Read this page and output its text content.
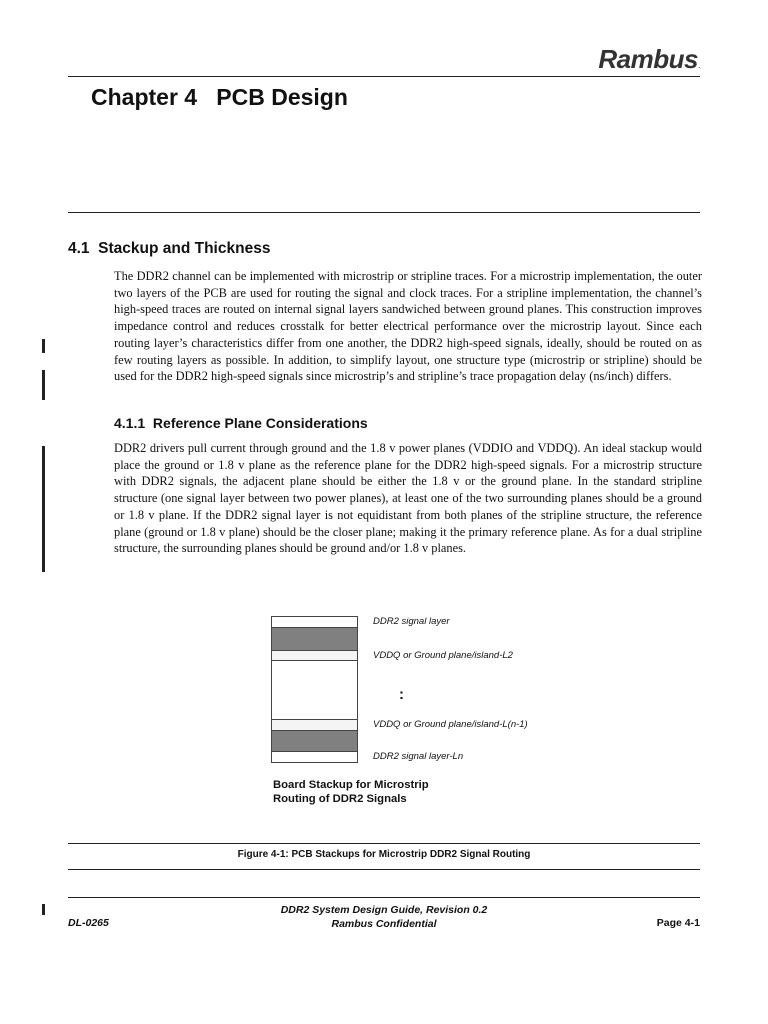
Rambus.
Chapter 4   PCB Design
4.1  Stackup and Thickness

The DDR2 channel can be implemented with microstrip or stripline traces. For a microstrip implementation, the outer two layers of the PCB are used for routing the signal and clock traces. For a stripline implementation, the channel’s high-speed traces are routed on internal signal layers sandwiched between ground planes. This construction improves impedance control and reduces crosstalk for better electrical performance over the microstrip layout. Since each routing layer’s characteristics differ from one another, the DDR2 high-speed signals, ideally, should be routed on as few routing layers as possible. In addition, to simplify layout, one structure type (microstrip or stripline) should be used for the DDR2 high-speed signals since microstrip’s and stripline’s trace propagation delay (ns/inch) differs.

4.1.1  Reference Plane Considerations

DDR2 drivers pull current through ground and the 1.8 v power planes (VDDIO and VDDQ). An ideal stackup would place the ground or 1.8 v plane as the reference plane for the DDR2 high-speed signals. For a microstrip structure with DDR2 signals, the adjacent plane should be either the 1.8 v or the ground plane. In the standard stripline structure (one signal layer between two power planes), at least one of the two surrounding planes should be a ground or 1.8 v plane. If the DDR2 signal layer is not equidistant from both planes of the stripline structure, the reference plane (ground or 1.8 v plane) should be the closer plane; making it the primary reference plane. As for a dual stripline structure, the surrounding planes should be ground and/or 1.8 v planes.

DDR2 signal layer
VDDQ or Ground plane/island-L2
:
VDDQ or Ground plane/island-L(n-1)
DDR2 signal layer-Ln
Board Stackup for Microstrip
Routing of DDR2 Signals
Figure 4-1: PCB Stackups for Microstrip DDR2 Signal Routing
DDR2 System Design Guide, Revision 0.2
Rambus Confidential
DL-0265	Page 4-1
